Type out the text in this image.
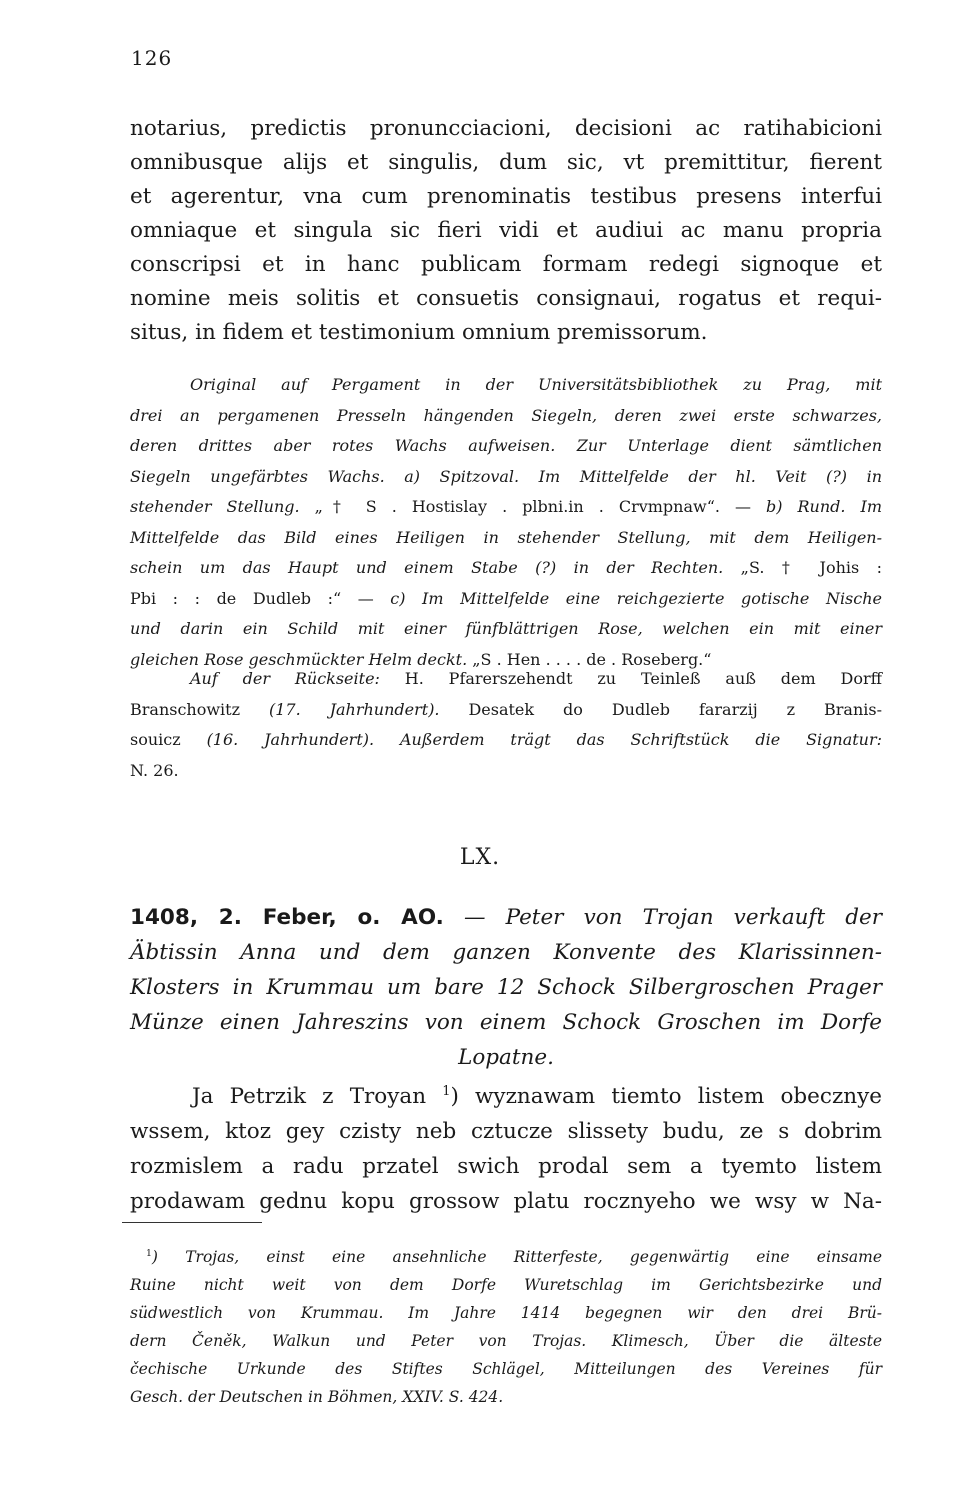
126
notarius, predictis pronuncciacioni, decisioni ac ratihabicioni
omnibusque alijs et singulis, dum sic, vt premittitur, fierent
et agerentur, vna cum prenominatis testibus presens interfui
omniaque et singula sic fieri vidi et audiui ac manu propria
conscripsi et in hanc publicam formam redegi signoque et
nomine meis solitis et consuetis consignaui, rogatus et requi-
situs, in fidem et testimonium omnium premissorum.
Original auf Pergament in der Universitätsbibliothek zu Prag, mit
drei an pergamenen Presseln hängenden Siegeln, deren zwei erste schwarzes,
deren drittes aber rotes Wachs aufweisen. Zur Unterlage dient sämtlichen
Siegeln ungefärbtes Wachs. a) Spitzoval. Im Mittelfelde der hl. Veit (?) in
stehender Stellung. „† S . Hostislay . plbni.in . Crvmpnaw“. — b) Rund. Im
Mittelfelde das Bild eines Heiligen in stehender Stellung, mit dem Heiligen-
schein um das Haupt und einem Stabe (?) in der Rechten. „S. † Johis :
Pbi : : de Dudleb :“ — c) Im Mittelfelde eine reichgezierte gotische Nische
und darin ein Schild mit einer fünfblättrigen Rose, welchen ein mit einer
gleichen Rose geschmückter Helm deckt. „S . Hen . . . . de . Roseberg.“
Auf der Rückseite: H. Pfarerszehendt zu Teinleß auß dem Dorff
Branschowitz (17. Jahrhundert). Desatek do Dudleb fararzij z Branis-
souicz (16. Jahrhundert). Außerdem trägt das Schriftstück die Signatur:
N. 26.
LX.
1408, 2. Feber, o. AO. — Peter von Trojan verkauft der
Äbtissin Anna und dem ganzen Konvente des Klarissinnen-
Klosters in Krummau um bare 12 Schock Silbergroschen Prager
Münze einen Jahreszins von einem Schock Groschen im Dorfe
Lopatne.
Ja Petrzik z Troyan $^1$) wyznawam tiemto listem obecznye
wssem, ktoz gey czisty neb cztucze slissety budu, ze s dobrim
rozmislem a radu przatel swich prodal sem a tyemto listem
prodawam gednu kopu grossow platu rocznyeho we wsy w Na-
$^1$) Trojas, einst eine ansehnliche Ritterfeste, gegenwärtig eine einsame
Ruine nicht weit von dem Dorfe Wuretschlag im Gerichtsbezirke und
südwestlich von Krummau. Im Jahre 1414 begegnen wir den drei Brü-
dern Čeněk, Walkun und Peter von Trojas. Klimesch, Über die älteste
čechische Urkunde des Stiftes Schlägel, Mitteilungen des Vereines für
Gesch. der Deutschen in Böhmen, XXIV. S. 424.
